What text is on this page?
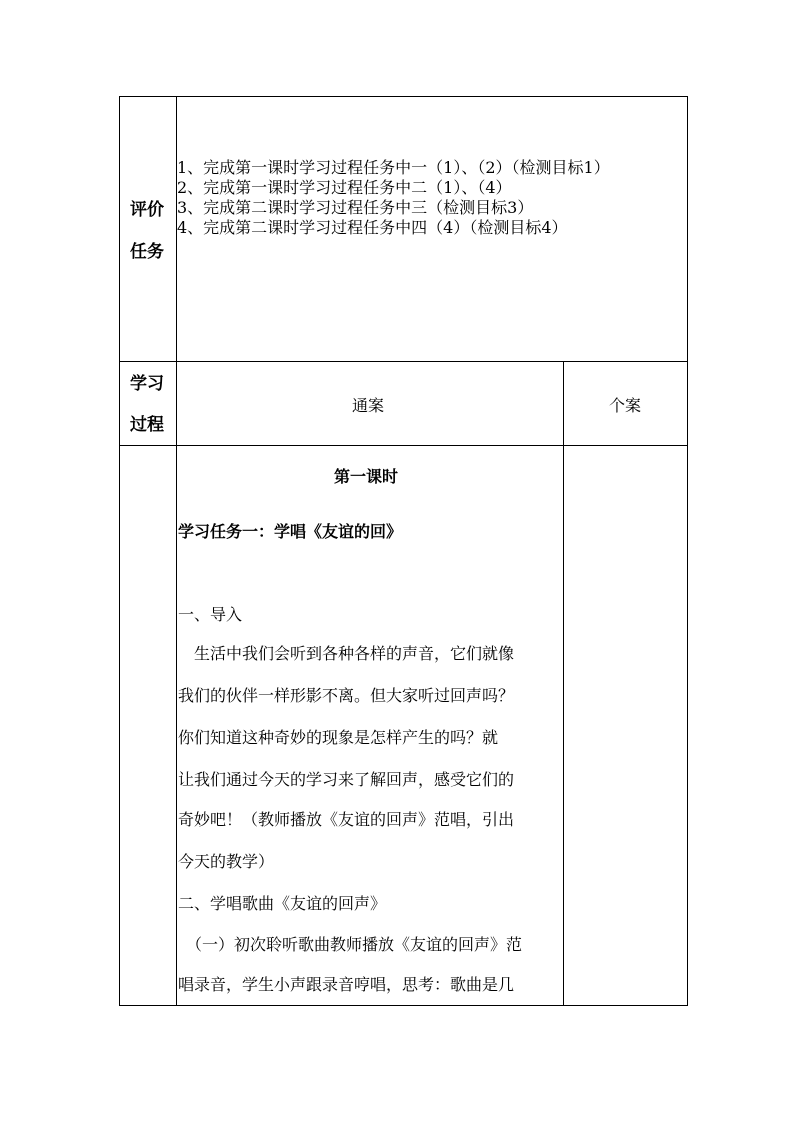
评价
任务
1、完成第一课时学习过程任务中一（1）、（2）（检测目标1）
2、完成第一课时学习过程任务中二（1）、（4）
3、完成第二课时学习过程任务中三（检测目标3）
4、完成第二课时学习过程任务中四（4）（检测目标4）
学习
过程
通案	个案
第一课时
学习任务一：学唱《友谊的回》
一、导入
　生活中我们会听到各种各样的声音，它们就像
我们的伙伴一样形影不离。但大家听过回声吗？
你们知道这种奇妙的现象是怎样产生的吗？就
让我们通过今天的学习来了解回声，感受它们的
奇妙吧！（教师播放《友谊的回声》范唱，引出
今天的教学）
二、学唱歌曲《友谊的回声》
　（一）初次聆听歌曲教师播放《友谊的回声》范
唱录音，学生小声跟录音哼唱，思考：歌曲是几
